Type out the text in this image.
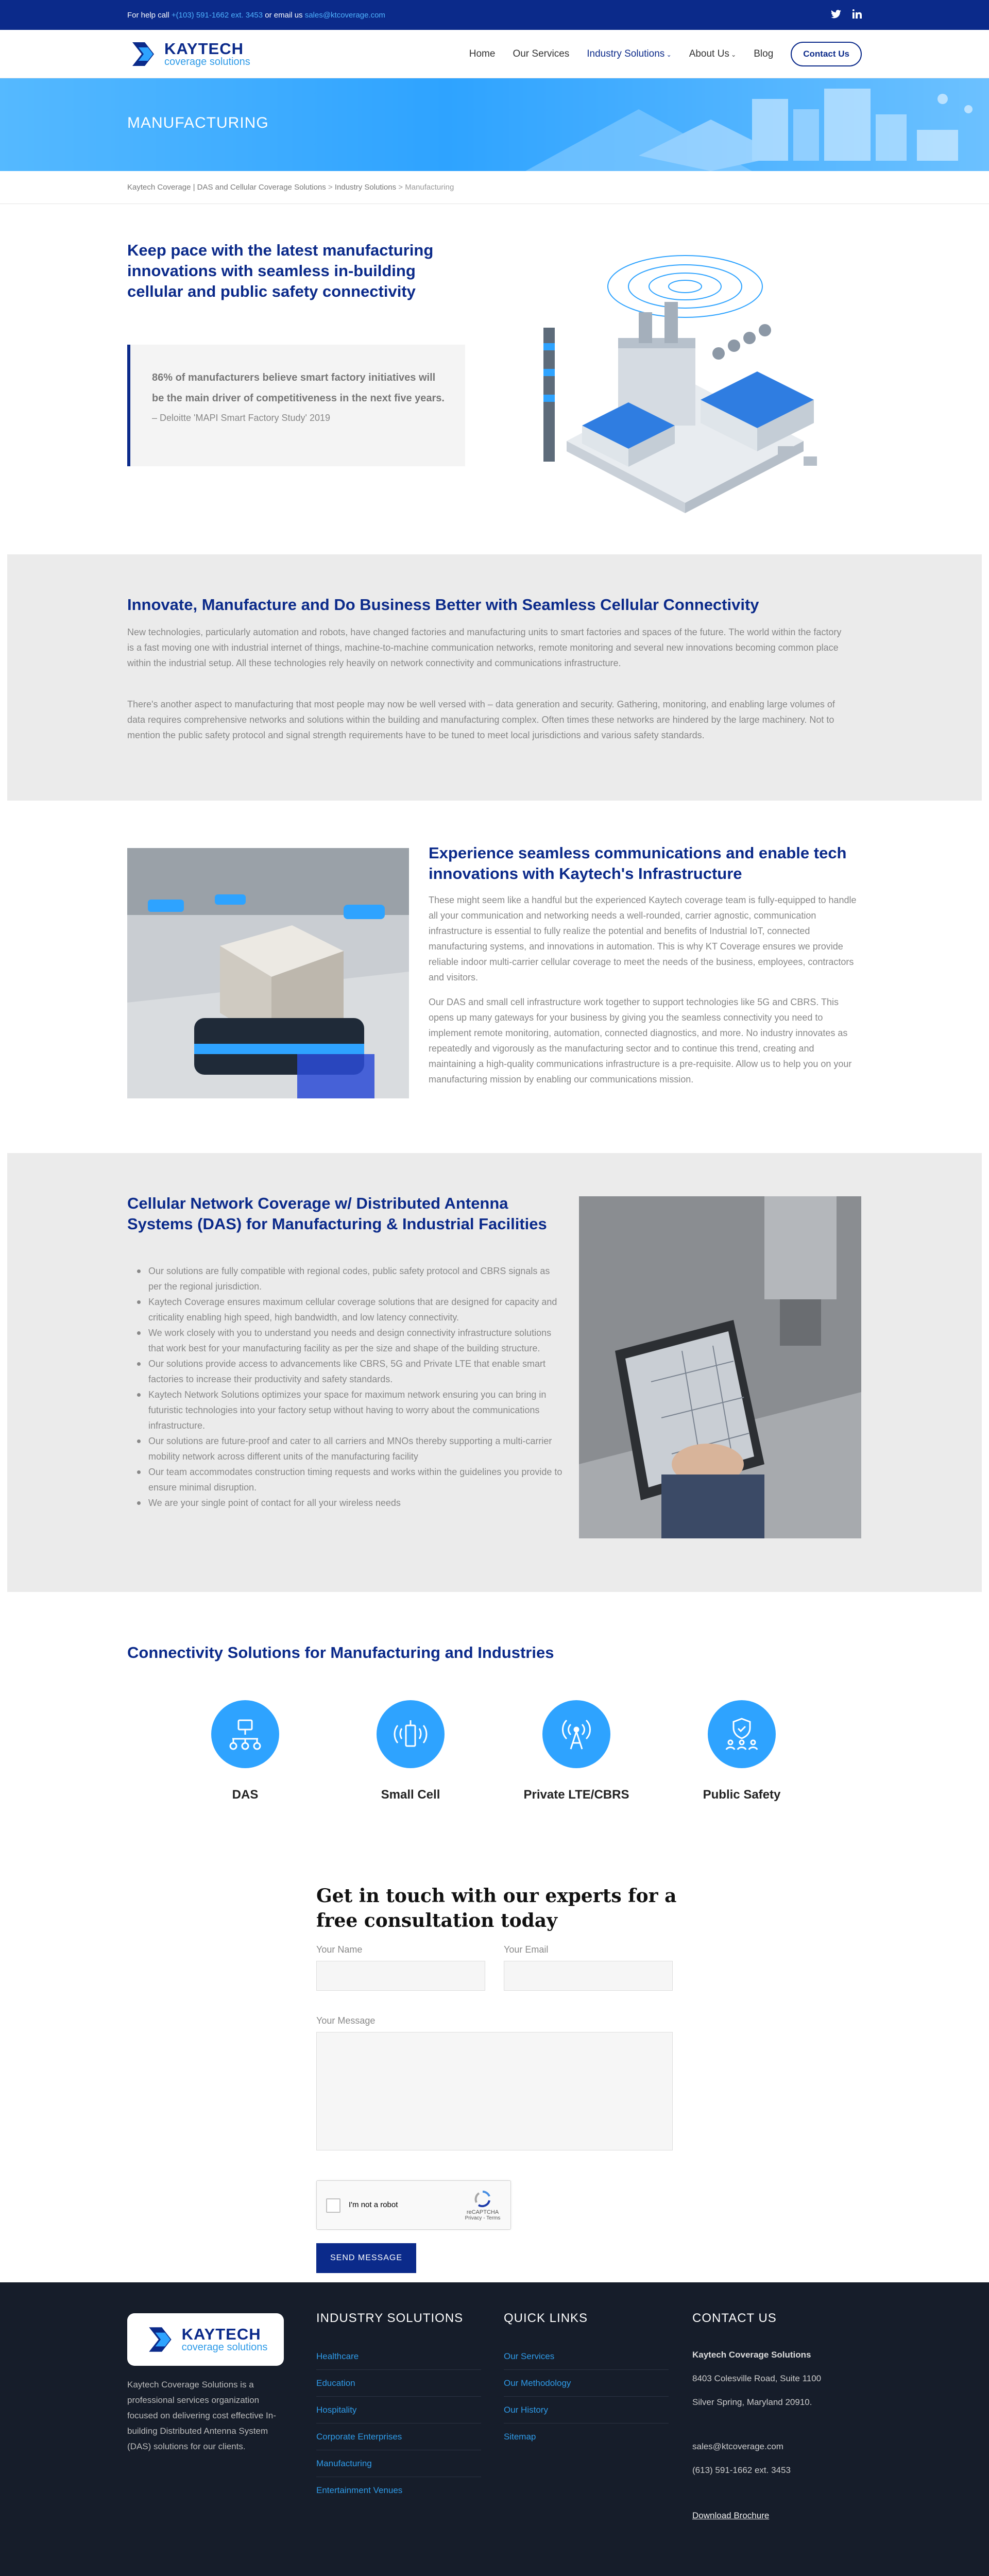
For help call +(103) 591-1662 ext. 3453 or email us sales@ktcoverage.com
KAYTECH
coverage solutions
Home Our Services Industry Solutions ⌄ About Us ⌄ Blog	Contact Us
MANUFACTURING
Kaytech Coverage | DAS and Cellular Coverage Solutions > Industry Solutions > Manufacturing
Keep pace with the latest manufacturing innovations with seamless in-building cellular and public safety connectivity

86% of manufacturers believe smart factory initiatives will be the main driver of competitiveness in the next five years.

– Deloitte 'MAPI Smart Factory Study' 2019

Innovate, Manufacture and Do Business Better with Seamless Cellular Connectivity

New technologies, particularly automation and robots, have changed factories and manufacturing units to smart factories and spaces of the future. The world within the factory is a fast moving one with industrial internet of things, machine-to-machine communication networks, remote monitoring and several new innovations becoming common place within the industrial setup. All these technologies rely heavily on network connectivity and communications infrastructure.

There's another aspect to manufacturing that most people may now be well versed with – data generation and security. Gathering, monitoring, and enabling large volumes of data requires comprehensive networks and solutions within the building and manufacturing complex. Often times these networks are hindered by the large machinery. Not to mention the public safety protocol and signal strength requirements have to be tuned to meet local jurisdictions and various safety standards.

Experience seamless communications and enable tech innovations with Kaytech's Infrastructure

These might seem like a handful but the experienced Kaytech coverage team is fully-equipped to handle all your communication and networking needs a well-rounded, carrier agnostic, communication infrastructure is essential to fully realize the potential and benefits of Industrial IoT, connected manufacturing systems, and innovations in automation. This is why KT Coverage ensures we provide reliable indoor multi-carrier cellular coverage to meet the needs of the business, employees, contractors and visitors.

Our DAS and small cell infrastructure work together to support technologies like 5G and CBRS. This opens up many gateways for your business by giving you the seamless connectivity you need to implement remote monitoring, automation, connected diagnostics, and more. No industry innovates as repeatedly and vigorously as the manufacturing sector and to continue this trend, creating and maintaining a high-quality communications infrastructure is a pre-requisite. Allow us to help you on your manufacturing mission by enabling our communications mission.

Cellular Network Coverage w/ Distributed Antenna Systems (DAS) for Manufacturing & Industrial Facilities
Our solutions are fully compatible with regional codes, public safety protocol and CBRS signals as per the regional jurisdiction.
Kaytech Coverage ensures maximum cellular coverage solutions that are designed for capacity and criticality enabling high speed, high bandwidth, and low latency connectivity.
We work closely with you to understand you needs and design connectivity infrastructure solutions that work best for your manufacturing facility as per the size and shape of the building structure.
Our solutions provide access to advancements like CBRS, 5G and Private LTE that enable smart factories to increase their productivity and safety standards.
Kaytech Network Solutions optimizes your space for maximum network ensuring you can bring in futuristic technologies into your factory setup without having to worry about the communications infrastructure.
Our solutions are future-proof and cater to all carriers and MNOs thereby supporting a multi-carrier mobility network across different units of the manufacturing facility
Our team accommodates construction timing requests and works within the guidelines you provide to ensure minimal disruption.
We are your single point of contact for all your wireless needs
Connectivity Solutions for Manufacturing and Industries
DAS	Small Cell	Private LTE/CBRS	Public Safety
Get in touch with our experts for a free consultation today
Your Name	Your Email
Your Message
I'm not a robot
reCAPTCHA
Privacy - Terms
SEND MESSAGE
KAYTECH
coverage solutions

Kaytech Coverage Solutions is a professional services organization focused on delivering cost effective In-building Distributed Antenna System (DAS) solutions for our clients.

INDUSTRY SOLUTIONS
Healthcare
Education
Hospitality
Corporate Enterprises
Manufacturing
Entertainment Venues
QUICK LINKS
Our Services
Our Methodology
Our History
Sitemap
CONTACT US

Kaytech Coverage Solutions

8403 Colesville Road, Suite 1100

Silver Spring, Maryland 20910.

sales@ktcoverage.com

(613) 591-1662 ext. 3453

Download Brochure
